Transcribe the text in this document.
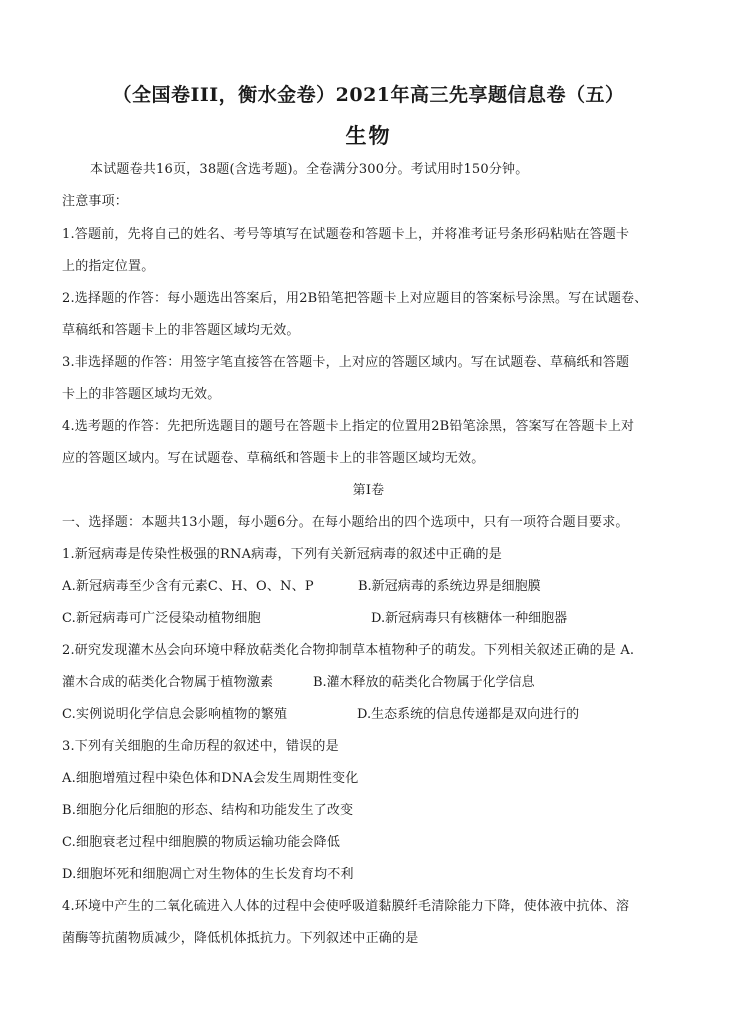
（全国卷III，衡水金卷）2021年高三先享题信息卷（五）
生物
本试题卷共16页，38题(含选考题)。全卷满分300分。考试用时150分钟。
注意事项：
1.答题前，先将自己的姓名、考号等填写在试题卷和答题卡上，并将准考证号条形码粘贴在答题卡
上的指定位置。
2.选择题的作答：每小题选出答案后，用2B铅笔把答题卡上对应题目的答案标号涂黑。写在试题卷、
草稿纸和答题卡上的非答题区域均无效。
3.非选择题的作答：用签字笔直接答在答题卡，上对应的答题区域内。写在试题卷、草稿纸和答题
卡上的非答题区域均无效。
4.选考题的作答：先把所选题目的题号在答题卡上指定的位置用2B铅笔涂黑，答案写在答题卡上对
应的答题区域内。写在试题卷、草稿纸和答题卡上的非答题区域均无效。
第I卷
一、选择题：本题共13小题，每小题6分。在每小题给出的四个选项中，只有一项符合题目要求。
1.新冠病毒是传染性极强的RNA病毒，下列有关新冠病毒的叙述中正确的是
A.新冠病毒至少含有元素C、H、O、N、P	B.新冠病毒的系统边界是细胞膜
C.新冠病毒可广泛侵染动植物细胞	D.新冠病毒只有核糖体一种细胞器
2.研究发现灌木丛会向环境中释放萜类化合物抑制草本植物种子的萌发。下列相关叙述正确的是 A.
灌木合成的萜类化合物属于植物激素	B.灌木释放的萜类化合物属于化学信息
C.实例说明化学信息会影响植物的繁殖	D.生态系统的信息传递都是双向进行的
3.下列有关细胞的生命历程的叙述中，错误的是
A.细胞增殖过程中染色体和DNA会发生周期性变化
B.细胞分化后细胞的形态、结构和功能发生了改变
C.细胞衰老过程中细胞膜的物质运输功能会降低
D.细胞坏死和细胞凋亡对生物体的生长发育均不利
4.环境中产生的二氧化硫进入人体的过程中会使呼吸道黏膜纤毛清除能力下降，使体液中抗体、溶
菌酶等抗菌物质减少，降低机体抵抗力。下列叙述中正确的是
